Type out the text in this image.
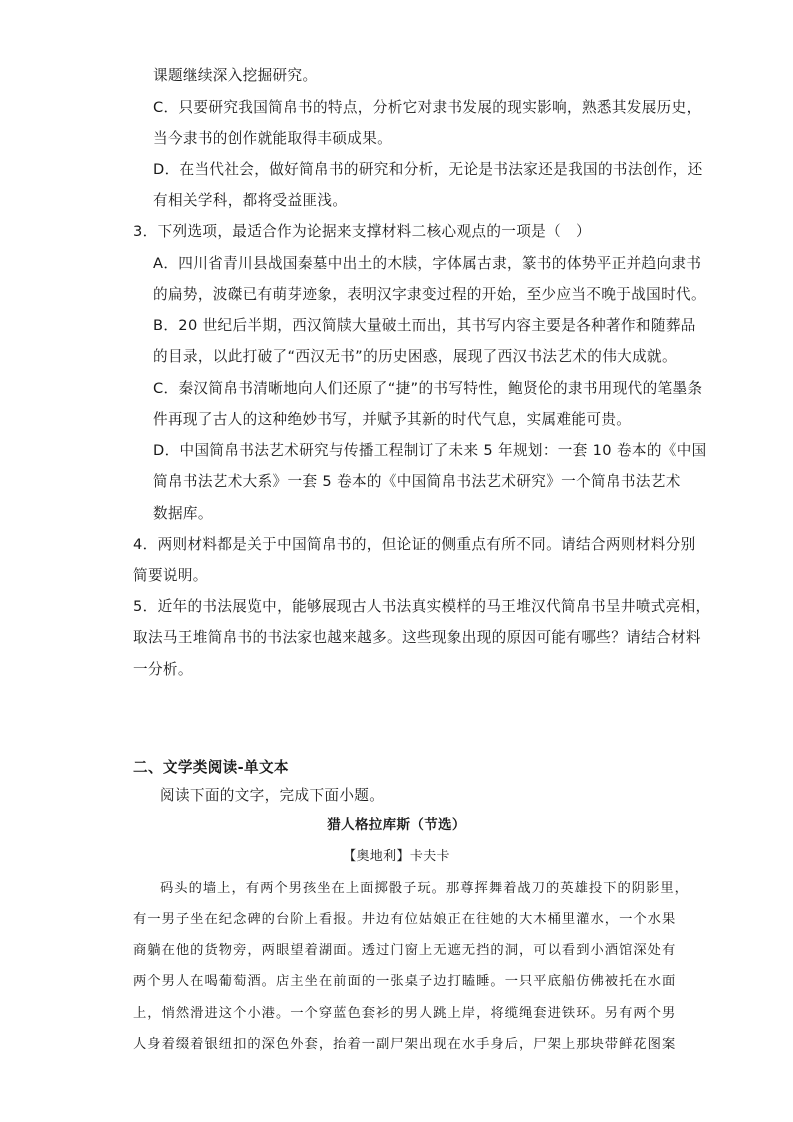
课题继续深入挖掘研究。
C．只要研究我国简帛书的特点，分析它对隶书发展的现实影响，熟悉其发展历史，
当今隶书的创作就能取得丰硕成果。
D．在当代社会，做好简帛书的研究和分析，无论是书法家还是我国的书法创作，还
有相关学科，都将受益匪浅。
3．下列选项，最适合作为论据来支撑材料二核心观点的一项是（　）
A．四川省青川县战国秦墓中出土的木牍，字体属古隶，篆书的体势平正并趋向隶书
的扁势，波磔已有萌芽迹象，表明汉字隶变过程的开始，至少应当不晚于战国时代。
B．20 世纪后半期，西汉简牍大量破土而出，其书写内容主要是各种著作和随葬品
的目录，以此打破了“西汉无书”的历史困惑，展现了西汉书法艺术的伟大成就。
C．秦汉简帛书清晰地向人们还原了“捷”的书写特性，鲍贤伦的隶书用现代的笔墨条
件再现了古人的这种绝妙书写，并赋予其新的时代气息，实属难能可贵。
D．中国简帛书法艺术研究与传播工程制订了未来 5 年规划：一套 10 卷本的《中国
简帛书法艺术大系》一套 5 卷本的《中国简帛书法艺术研究》一个简帛书法艺术
数据库。
4．两则材料都是关于中国简帛书的，但论证的侧重点有所不同。请结合两则材料分别
简要说明。
5．近年的书法展览中，能够展现古人书法真实模样的马王堆汉代简帛书呈井喷式亮相，
取法马王堆简帛书的书法家也越来越多。这些现象出现的原因可能有哪些？请结合材料
一分析。
二、文学类阅读-单文本
阅读下面的文字，完成下面小题。
猎人格拉库斯（节选）
【奥地利】卡夫卡
码头的墙上，有两个男孩坐在上面掷骰子玩。那尊挥舞着战刀的英雄投下的阴影里，
有一男子坐在纪念碑的台阶上看报。井边有位姑娘正在往她的大木桶里灌水，一个水果
商躺在他的货物旁，两眼望着湖面。透过门窗上无遮无挡的洞，可以看到小酒馆深处有
两个男人在喝葡萄酒。店主坐在前面的一张桌子边打瞌睡。一只平底船仿佛被托在水面
上，悄然滑进这个小港。一个穿蓝色套衫的男人跳上岸，将缆绳套进铁环。另有两个男
人身着缀着银纽扣的深色外套，抬着一副尸架出现在水手身后，尸架上那块带鲜花图案
